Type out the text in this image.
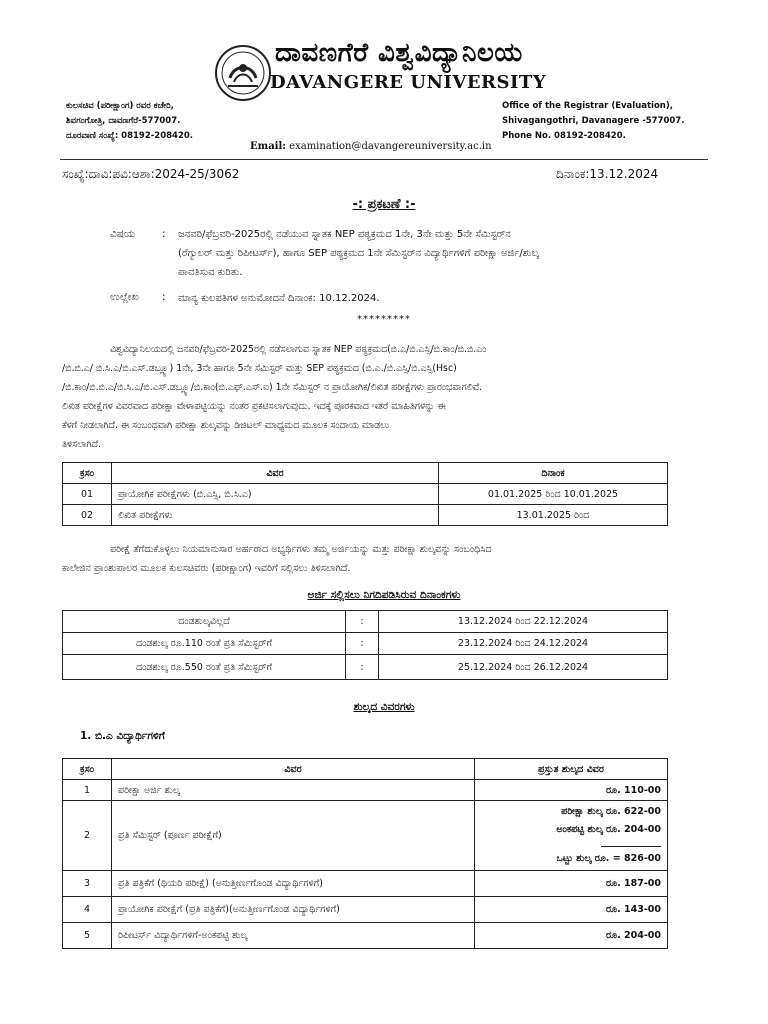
ದಾವಣಗೆರೆ ವಿಶ್ವವಿದ್ಯಾನಿಲಯ
DAVANGERE UNIVERSITY
ಕುಲಸಚಿವ (ಪರೀಕ್ಷಾಂಗ) ರವರ ಕಚೇರಿ,
ಶಿವಗಂಗೋತ್ರಿ, ದಾವಣಗೆರೆ-577007.
ದೂರವಾಣಿ ಸಂಖ್ಯೆ: 08192-208420.
Office of the Registrar (Evaluation),
Shivagangothri, Davanagere -577007.
Phone No. 08192-208420.
Email: examination@davangereuniversity.ac.in
ಸಂಖ್ಯೆ:ದಾವಿ:ಪವಿ:ಆಶಾ:2024-25/3062	ದಿನಾಂಕ:13.12.2024
-: ಪ್ರಕಟಣೆ :-
ವಿಷಯ	: ಜನವರಿ/ಫೆಬ್ರವರಿ-2025ರಲ್ಲಿ ನಡೆಯುವ ಸ್ನಾತಕ NEP ಪಠ್ಯಕ್ರಮದ 1ನೇ, 3ನೇ ಮತ್ತು 5ನೇ ಸೆಮಿಸ್ಟರ್‌ನ
(ರೆಗ್ಯುಲರ್ ಮತ್ತು ರಿಪೀಟರ್ಸ್), ಹಾಗೂ SEP ಪಠ್ಯಕ್ರಮದ 1ನೇ ಸೆಮಿಸ್ಟರ್‌ನ ವಿದ್ಯಾರ್ಥಿಗಳಿಗೆ ಪರೀಕ್ಷಾ ಅರ್ಜಿ/ಶುಲ್ಕ
ಪಾವತಿಸುವ ಕುರಿತು.
ಉಲ್ಲೇಖ : ಮಾನ್ಯ ಕುಲಪತಿಗಳ ಅನುಮೋದನೆ ದಿನಾಂಕ: 10.12.2024.
*********
ವಿಶ್ವವಿದ್ಯಾನಿಲಯದಲ್ಲಿ ಜನವರಿ/ಫೆಬ್ರವರಿ-2025ರಲ್ಲಿ ನಡೆಸಲಾಗುವ ಸ್ನಾತಕ NEP ಪಠ್ಯಕ್ರಮದ(ಬಿ.ಎ/ಬಿ.ಎಸ್ಸಿ/ಬಿ.ಕಾಂ/ಬಿ.ಬಿ.ಎಂ
/ಬಿ.ಬಿ.ಎ/ ಬಿ.ಸಿ.ಎ/ಬಿ.ಎಸ್.ಡಬ್ಲ್ಯೂ) 1ನೇ, 3ನೇ ಹಾಗೂ 5ನೇ ಸೆಮಿಸ್ಟರ್ ಮತ್ತು SEP ಪಠ್ಯಕ್ರಮದ (ಬಿ.ಎ./ಬಿ.ಎಸ್ಸಿ/ಬಿ.ಎಸ್ಸಿ(Hsc)
/ಬಿ.ಕಾಂ/ಬಿ.ಬಿ.ಎ/ಬಿ.ಸಿ.ಎ/ಬಿ.ಎಸ್.ಡಬ್ಲ್ಯೂ/ಬಿ.ಕಾಂ(ಬಿ.ಎಫ್.ಎಸ್.ಐ) 1ನೇ ಸೆಮಿಸ್ಟರ್ ನ ಪ್ರಾಯೋಗಿಕ/ಲಿಖಿತ ಪರೀಕ್ಷೆಗಳು ಪ್ರಾರಂಭವಾಗಲಿವೆ.
ಲಿಖಿತ ಪರೀಕ್ಷೆಗಳ ವಿವರವಾದ ಪರೀಕ್ಷಾ ವೇಳಾಪಟ್ಟಿಯನ್ನು ನಂತರ ಪ್ರಕಟಿಸಲಾಗುವುದು. ಇದಕ್ಕೆ ಪೂರಕವಾದ ಇತರೆ ಮಾಹಿತಿಗಳನ್ನು ಈ
ಕೆಳಗೆ ನೀಡಲಾಗಿದೆ. ಈ ಸಂಬಂಧವಾಗಿ ಪರೀಕ್ಷಾ ಶುಲ್ಕವನ್ನು ಡಿಜಿಟಲ್ ಮಾಧ್ಯಮದ ಮೂಲಕ ಸಂದಾಯ ಮಾಡಲು
ತಿಳಿಸಲಾಗಿದೆ.
ಕ್ರಸಂ	ವಿವರ	ದಿನಾಂಕ
01	ಪ್ರಾಯೋಗಿಕ ಪರೀಕ್ಷೆಗಳು (ಬಿ.ಎಸ್ಸಿ, ಬಿ.ಸಿ.ಎ)	01.01.2025 ರಿಂದ 10.01.2025
02	ಲಿಖಿತ ಪರೀಕ್ಷೆಗಳು	13.01.2025 ರಿಂದ
ಪರೀಕ್ಷೆ ತೆಗೆದುಕೊಳ್ಳಲು ನಿಯಮಾನುಸಾರ ಅರ್ಹರಾದ ಅಭ್ಯರ್ಥಿಗಳು ತಮ್ಮ ಅರ್ಜಿಯನ್ನು ಮತ್ತು ಪರೀಕ್ಷಾ ಶುಲ್ಕವನ್ನು ಸಂಬಂಧಿಸಿದ
ಕಾಲೇಜಿನ ಪ್ರಾಂಶುಪಾಲರ ಮೂಲಕ ಕುಲಸಚಿವರು (ಪರೀಕ್ಷಾಂಗ) ಇವರಿಗೆ ಸಲ್ಲಿಸಲು ತಿಳಿಸಲಾಗಿದೆ.
ಅರ್ಜಿ ಸಲ್ಲಿಸಲು ನಿಗದಿಪಡಿಸಿರುವ ದಿನಾಂಕಗಳು
ದಂಡಶುಲ್ಕವಿಲ್ಲದೆ	:	13.12.2024 ರಿಂದ 22.12.2024
ದಂಡಶುಲ್ಕ ರೂ.110 ರಂತೆ ಪ್ರತಿ ಸೆಮಿಸ್ಟರ್‌ಗೆ	:	23.12.2024 ರಿಂದ 24.12.2024
ದಂಡಶುಲ್ಕ ರೂ.550 ರಂತೆ ಪ್ರತಿ ಸೆಮಿಸ್ಟರ್‌ಗೆ	:	25.12.2024 ರಿಂದ 26.12.2024
ಶುಲ್ಕದ ವಿವರಗಳು
1. ಬಿ.ಎ ವಿದ್ಯಾರ್ಥಿಗಳಿಗೆ
ಕ್ರಸಂ	ವಿವರ	ಪ್ರಸ್ತುತ ಶುಲ್ಕದ ವಿವರ
1	ಪರೀಕ್ಷಾ ಅರ್ಜಿ ಶುಲ್ಕ	ರೂ. 110-00
2	ಪ್ರತಿ ಸೆಮಿಸ್ಟರ್ (ಪೂರ್ಣ ಪರೀಕ್ಷೆಗೆ)	ಪರೀಕ್ಷಾ ಶುಲ್ಕ ರೂ. 622-00
ಅಂಕಪಟ್ಟಿ ಶುಲ್ಕ ರೂ. 204-00
ಒಟ್ಟು ಶುಲ್ಕ ರೂ. = 826-00

3	ಪ್ರತಿ ಪತ್ರಿಕೆಗೆ (ಥಿಯರಿ ಪರೀಕ್ಷೆ) (ಅನುತ್ತೀರ್ಣಗೊಂಡ ವಿದ್ಯಾರ್ಥಿಗಳಿಗೆ)	ರೂ. 187-00
4	ಪ್ರಾಯೋಗಿಕ ಪರೀಕ್ಷೆಗೆ (ಪ್ರತಿ ಪತ್ರಿಕೆಗೆ)(ಅನುತ್ತೀರ್ಣಗೊಂಡ ವಿದ್ಯಾರ್ಥಿಗಳಿಗೆ)	ರೂ. 143-00
5	ರಿಪೀಟರ್ಸ್ ವಿದ್ಯಾರ್ಥಿಗಳಿಗೆ-ಅಂಕಪಟ್ಟಿ ಶುಲ್ಕ	ರೂ. 204-00
